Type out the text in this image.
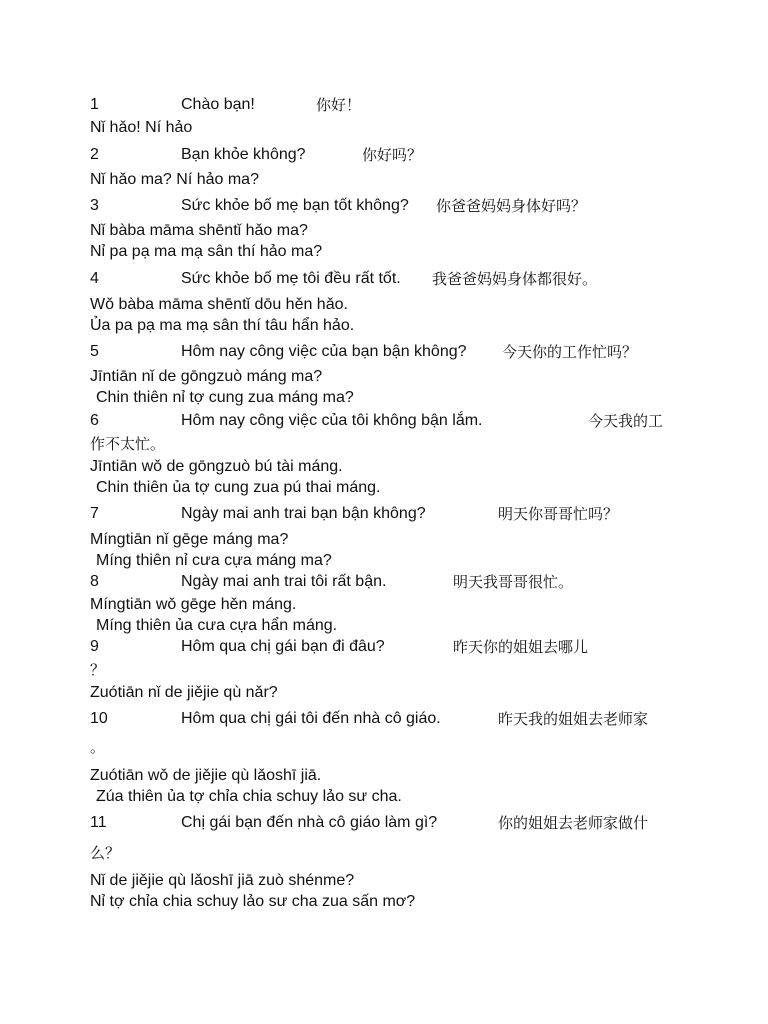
1	Chào bạn!	你好！
Nǐ hǎo! Ní hảo
2	Bạn khỏe không?	你好吗？
Nǐ hǎo ma? Ní hảo ma?
3	Sức khỏe bố mẹ bạn tốt không? 你爸爸妈妈身体好吗？
Nǐ bàba māma shēntǐ hǎo ma?
Nỉ pa pạ ma mạ sân thí hảo ma?
4	Sức khỏe bố mẹ tôi đều rất tốt. 我爸爸妈妈身体都很好。
Wǒ bàba māma shēntǐ dōu hěn hǎo.
Ủa pa pạ ma mạ sân thí tâu hẩn hảo.
5	Hôm nay công việc của bạn bận không? 今天你的工作忙吗？
Jīntiān nǐ de gōngzuò máng ma?
Chin thiên nỉ tợ cung zua máng ma?
6	Hôm nay công việc của tôi không bận lắm.	今天我的工
作不太忙。
Jīntiān wǒ de gōngzuò bú tài máng.
Chin thiên ủa tợ cung zua pú thai máng.
7	Ngày mai anh trai bạn bận không?	明天你哥哥忙吗？
Míngtiān nǐ gēge máng ma?
Míng thiên nỉ cưa cựa máng ma?
8	Ngày mai anh trai tôi rất bận.	明天我哥哥很忙。
Míngtiān wǒ gēge hěn máng.
Míng thiên ủa cưa cựa hẩn máng.
9	Hôm qua chị gái bạn đi đâu?	昨天你的姐姐去哪儿
？
Zuótiān nǐ de jiějie qù nǎr?
10	Hôm qua chị gái tôi đến nhà cô giáo.	昨天我的姐姐去老师家
。
Zuótiān wǒ de jiějie qù lǎoshī jiā.
Zúa thiên ủa tợ chỉa chia schuy lảo sư cha.
11	Chị gái bạn đến nhà cô giáo làm gì?	你的姐姐去老师家做什
么？
Nǐ de jiějie qù lǎoshī jiā zuò shénme?
Nỉ tợ chỉa chia schuy lảo sư cha zua sấn mơ?
